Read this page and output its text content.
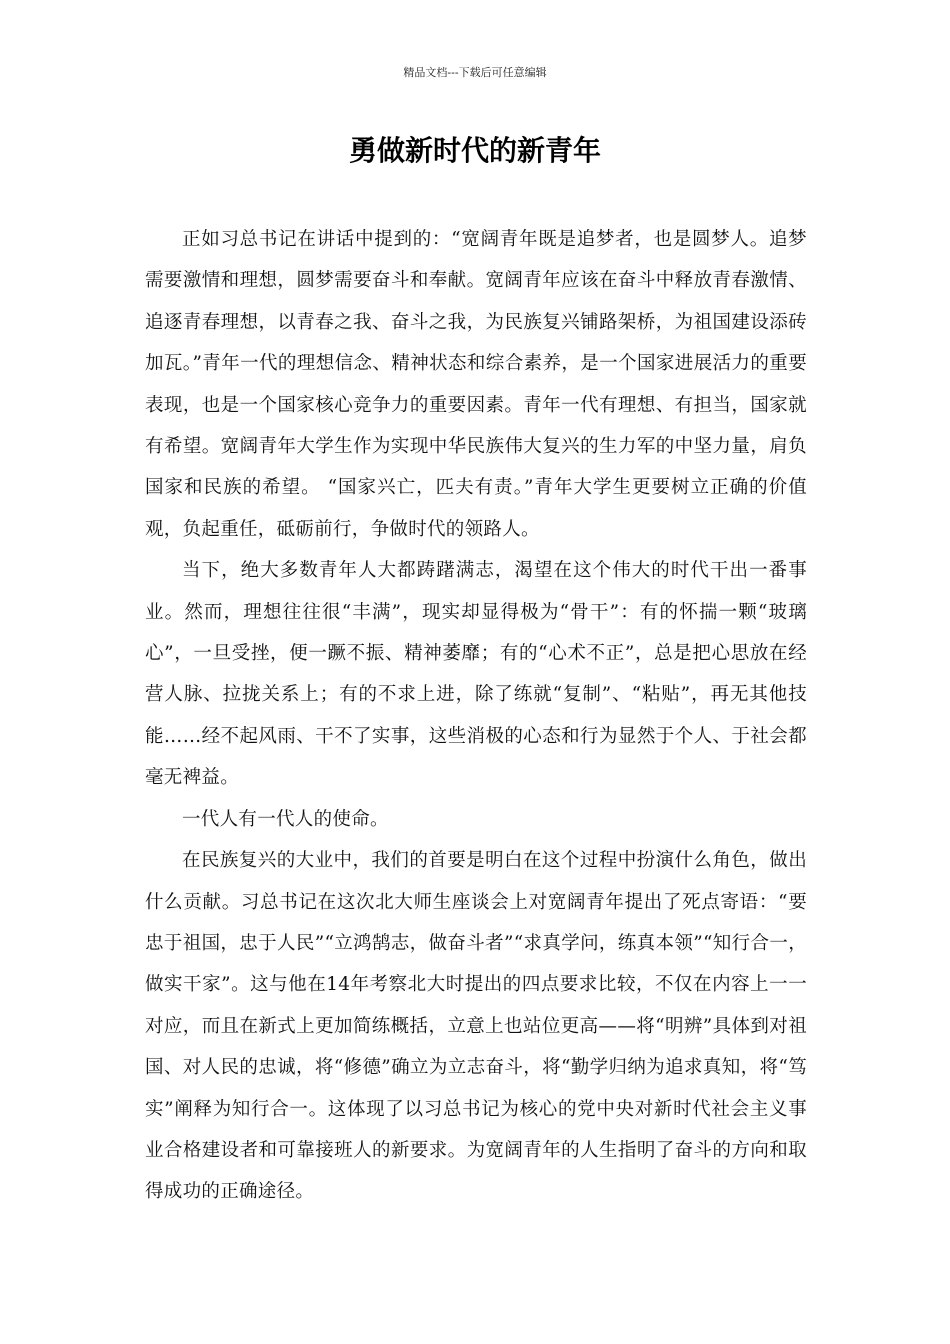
精品文档---下载后可任意编辑
勇做新时代的新青年

正如习总书记在讲话中提到的：“宽阔青年既是追梦者，也是圆梦人。追梦需要激情和理想，圆梦需要奋斗和奉献。宽阔青年应该在奋斗中释放青春激情、追逐青春理想，以青春之我、奋斗之我，为民族复兴铺路架桥，为祖国建设添砖加瓦。”青年一代的理想信念、精神状态和综合素养，是一个国家进展活力的重要表现，也是一个国家核心竞争力的重要因素。青年一代有理想、有担当，国家就有希望。宽阔青年大学生作为实现中华民族伟大复兴的生力军的中坚力量，肩负国家和民族的希望。 “国家兴亡，匹夫有责。”青年大学生更要树立正确的价值观，负起重任，砥砺前行，争做时代的领路人。

当下，绝大多数青年人大都踌躇满志，渴望在这个伟大的时代干出一番事业。然而，理想往往很“丰满”，现实却显得极为“骨干”：有的怀揣一颗“玻璃心”，一旦受挫，便一蹶不振、精神萎靡；有的“心术不正”，总是把心思放在经营人脉、拉拢关系上；有的不求上进，除了练就“复制”、“粘贴”，再无其他技能……经不起风雨、干不了实事，这些消极的心态和行为显然于个人、于社会都毫无裨益。

一代人有一代人的使命。

在民族复兴的大业中，我们的首要是明白在这个过程中扮演什么角色，做出什么贡献。习总书记在这次北大师生座谈会上对宽阔青年提出了死点寄语：“要忠于祖国，忠于人民”“立鸿鹄志，做奋斗者”“求真学问，练真本领”“知行合一，做实干家”。这与他在14年考察北大时提出的四点要求比较，不仅在内容上一一对应，而且在新式上更加简练概括，立意上也站位更高——将“明辨”具体到对祖国、对人民的忠诚，将“修德”确立为立志奋斗，将“勤学归纳为追求真知，将“笃实”阐释为知行合一。这体现了以习总书记为核心的党中央对新时代社会主义事业合格建设者和可靠接班人的新要求。为宽阔青年的人生指明了奋斗的方向和取得成功的正确途径。
